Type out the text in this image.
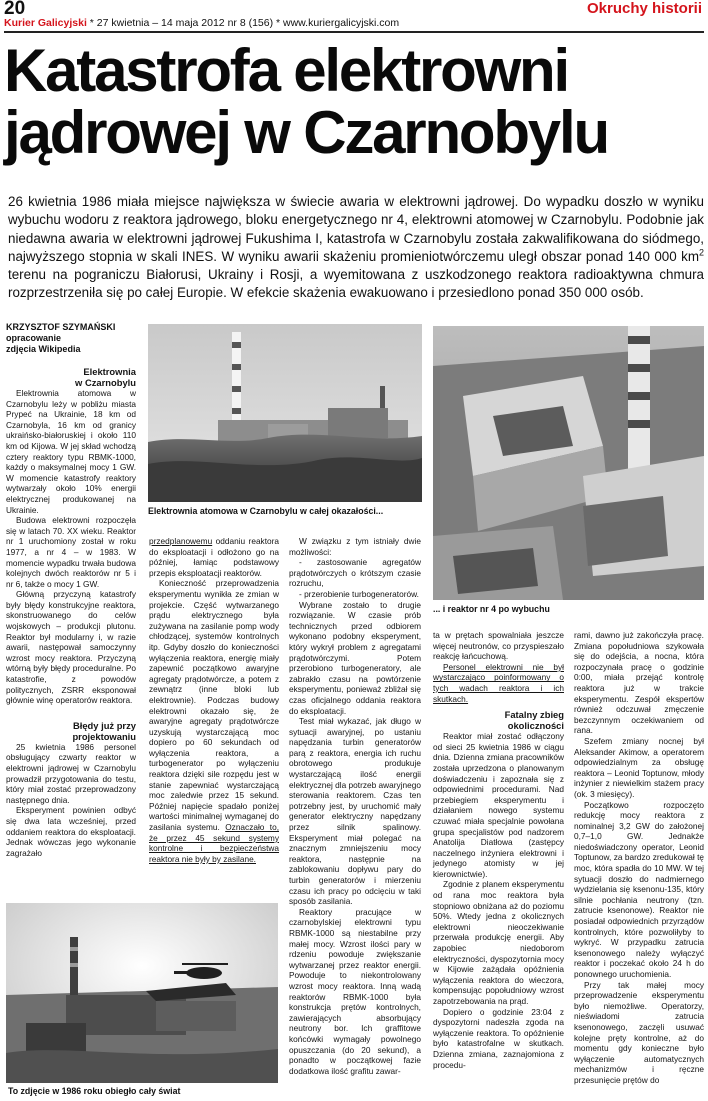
20	Okruchy historii
Kurier Galicyjski * 27 kwietnia – 14 maja 2012 nr 8 (156) * www.kuriergalicyjski.com
Katastrofa elektrowni
jądrowej w Czarnobylu

26 kwietnia 1986 miała miejsce największa w świecie awaria w elektrowni jądrowej. Do wypadku doszło w wyniku wybuchu wodoru z reaktora jądrowego, bloku energetycznego nr 4, elektrowni atomowej w Czarnobylu. Podobnie jak niedawna awaria w elektrowni jądrowej Fukushima I, katastrofa w Czarnobylu została zakwalifikowana do siódmego, najwyższego stopnia w skali INES. W wyniku awarii skażeniu promieniotwórczemu uległ obszar ponad 140 000 $km^2$ terenu na pograniczu Białorusi, Ukrainy i Rosji, a wyemitowana z uszkodzonego reaktora radioaktywna chmura rozprzestrzeniła się po całej Europie. W efekcie skażenia ewakuowano i przesiedlono ponad 350 000 osób.

KRZYSZTOF SZYMAŃSKI
opracowanie
zdjęcia Wikipedia

Elektrownia
w Czarnobylu

Elektrownia atomowa w Czarnobylu leży w pobliżu miasta Prypeć na Ukrainie, 18 km od Czarnobyla, 16 km od granicy ukraińsko-białoruskiej i około 110 km od Kijowa. W jej skład wchodzą cztery reaktory typu RBMK-1000, każdy o maksymalnej mocy 1 GW. W momencie katastrofy reaktory wytwarzały około 10% energii elektrycznej produkowanej na Ukrainie.

Budowa elektrowni rozpoczęła się w latach 70. XX wieku. Reaktor nr 1 uruchomiony został w roku 1977, a nr 4 – w 1983. W momencie wypadku trwała budowa kolejnych dwóch reaktorów nr 5 i nr 6, także o mocy 1 GW.

Główną przyczyną katastrofy były błędy konstrukcyjne reaktora, skonstruowanego do celów wojskowych – produkcji plutonu. Reaktor był modularny i, w razie awarii, następował samoczynny wzrost mocy reaktora. Przyczyną wtórną były błędy proceduralne. Po katastrofie, z powodów politycznych, ZSRR eksponował głównie winę operatorów reaktora.

Błędy już przy
projektowaniu

25 kwietnia 1986 personel obsługujący czwarty reaktor w elektrowni jądrowej w Czarnobylu prowadził przygotowania do testu, który miał zostać przeprowadzony następnego dnia.

Eksperyment powinien odbyć się dwa lata wcześniej, przed oddaniem reaktora do eksploatacji. Jednak wówczas jego wykonanie zagrażało

Elektrownia atomowa w Czarnobylu w całej okazałości...
... i reaktor nr 4 po wybuchu

przedplanowemu oddaniu reaktora do eksploatacji i odłożono go na później, łamiąc podstawowy przepis eksploatacji reaktorów.

Konieczność przeprowadzenia eksperymentu wynikła ze zmian w projekcie. Część wytwarzanego prądu elektrycznego była zużywana na zasilanie pomp wody chłodzącej, systemów kontrolnych itp. Gdyby doszło do konieczności wyłączenia reaktora, energię miały zapewnić początkowo awaryjne agregaty prądotwórcze, a potem z zewnątrz (inne bloki lub elektrownie). Podczas budowy elektrowni okazało się, że awaryjne agregaty prądotwórcze uzyskują wystarczającą moc dopiero po 60 sekundach od wyłączenia reaktora, a turbogenerator po wyłączeniu reaktora dzięki sile rozpędu jest w stanie zapewniać wystarczającą moc zaledwie przez 15 sekund. Później napięcie spadało poniżej wartości minimalnej wymaganej do zasilania systemu. Oznaczało to, że przez 45 sekund systemy kontrolne i bezpieczeństwa reaktora nie były by zasilane.

W związku z tym istniały dwie możliwości:

- zastosowanie agregatów prądotwórczych o krótszym czasie rozruchu,

- przerobienie turbogeneratorów.

Wybrane zostało to drugie rozwiązanie. W czasie prób technicznych przed odbiorem wykonano podobny eksperyment, który wykrył problem z agregatami prądotwórczymi. Potem przerobiono turbogeneratory, ale zabrakło czasu na powtórzenie eksperymentu, ponieważ zbliżał się czas oficjalnego oddania reaktora do eksploatacji.

Test miał wykazać, jak długo w sytuacji awaryjnej, po ustaniu napędzania turbin generatorów parą z reaktora, energia ich ruchu obrotowego produkuje wystarczającą ilość energii elektrycznej dla potrzeb awaryjnego sterowania reaktorem. Czas ten potrzebny jest, by uruchomić mały generator elektryczny napędzany przez silnik spalinowy. Eksperyment miał polegać na znacznym zmniejszeniu mocy reaktora, następnie na zablokowaniu dopływu pary do turbin generatorów i mierzeniu czasu ich pracy po odcięciu w taki sposób zasilania.

Reaktory pracujące w czarnobylskiej elektrowni typu RBMK-1000 są niestabilne przy małej mocy. Wzrost ilości pary w rdzeniu powoduje zwiększanie wytwarzanej przez reaktor energii. Powoduje to niekontrolowany wzrost mocy reaktora. Inną wadą reaktorów RBMK-1000 była konstrukcja prętów kontrolnych, zawierających absorbujący neutrony bor. Ich graffitowe końcówki wymagały powolnego opuszczania (do 20 sekund), a ponadto w początkowej fazie dodatkowa ilość grafitu zawar-

ta w prętach spowalniała jeszcze więcej neutronów, co przyspieszało reakcję łańcuchową.

Personel elektrowni nie był wystarczająco poinformowany o tych wadach reaktora i ich skutkach.

Fatalny zbieg
okoliczności

Reaktor miał zostać odłączony od sieci 25 kwietnia 1986 w ciągu dnia. Dzienna zmiana pracowników została uprzedzona o planowanym doświadczeniu i zapoznała się z odpowiednimi procedurami. Nad przebiegiem eksperymentu i działaniem nowego systemu czuwać miała specjalnie powołana grupa specjalistów pod nadzorem Anatolija Diatłowa (zastępcy naczelnego inżyniera elektrowni i jedynego atomisty w jej kierownictwie).

Zgodnie z planem eksperymentu od rana moc reaktora była stopniowo obniżana aż do poziomu 50%. Wtedy jedna z okolicznych elektrowni nieoczekiwanie przerwała produkcję energii. Aby zapobiec niedoborom elektryczności, dyspozytornia mocy w Kijowie zażądała opóźnienia wyłączenia reaktora do wieczora, kompensując popołudniowy wzrost zapotrzebowania na prąd.

Dopiero o godzinie 23:04 z dyspozytorni nadeszła zgoda na wyłączenie reaktora. To opóźnienie było katastrofalne w skutkach. Dzienna zmiana, zaznajomiona z procedu-

rami, dawno już zakończyła pracę. Zmiana popołudniowa szykowała się do odejścia, a nocna, która rozpoczynała pracę o godzinie 0:00, miała przejąć kontrolę reaktora już w trakcie eksperymentu. Zespół ekspertów również odczuwał zmęczenie bezczynnym oczekiwaniem od rana.

Szefem zmiany nocnej był Aleksander Akimow, a operatorem odpowiedzialnym za obsługę reaktora – Leonid Toptunow, młody inżynier z niewielkim stażem pracy (ok. 3 miesięcy).

Początkowo rozpoczęto redukcję mocy reaktora z nominalnej 3,2 GW do założonej 0,7–1,0 GW. Jednakże niedoświadczony operator, Leonid Toptunow, za bardzo zredukował tę moc, która spadła do 10 MW. W tej sytuacji doszło do nadmiernego wydzielania się ksenonu-135, który silnie pochłania neutrony (tzn. zatrucie ksenonowe). Reaktor nie posiadał odpowiednich przyrządów kontrolnych, które pozwoliłyby to wykryć. W przypadku zatrucia ksenonowego należy wyłączyć reaktor i poczekać około 24 h do ponownego uruchomienia.

Przy tak małej mocy przeprowadzenie eksperymentu było niemożliwe. Operatorzy, nieświadomi zatrucia ksenonowego, zaczęli usuwać kolejne pręty kontrolne, aż do momentu gdy konieczne było wyłączenie automatycznych mechanizmów i ręczne przesunięcie prętów do

To zdjęcie w 1986 roku obiegło cały świat
